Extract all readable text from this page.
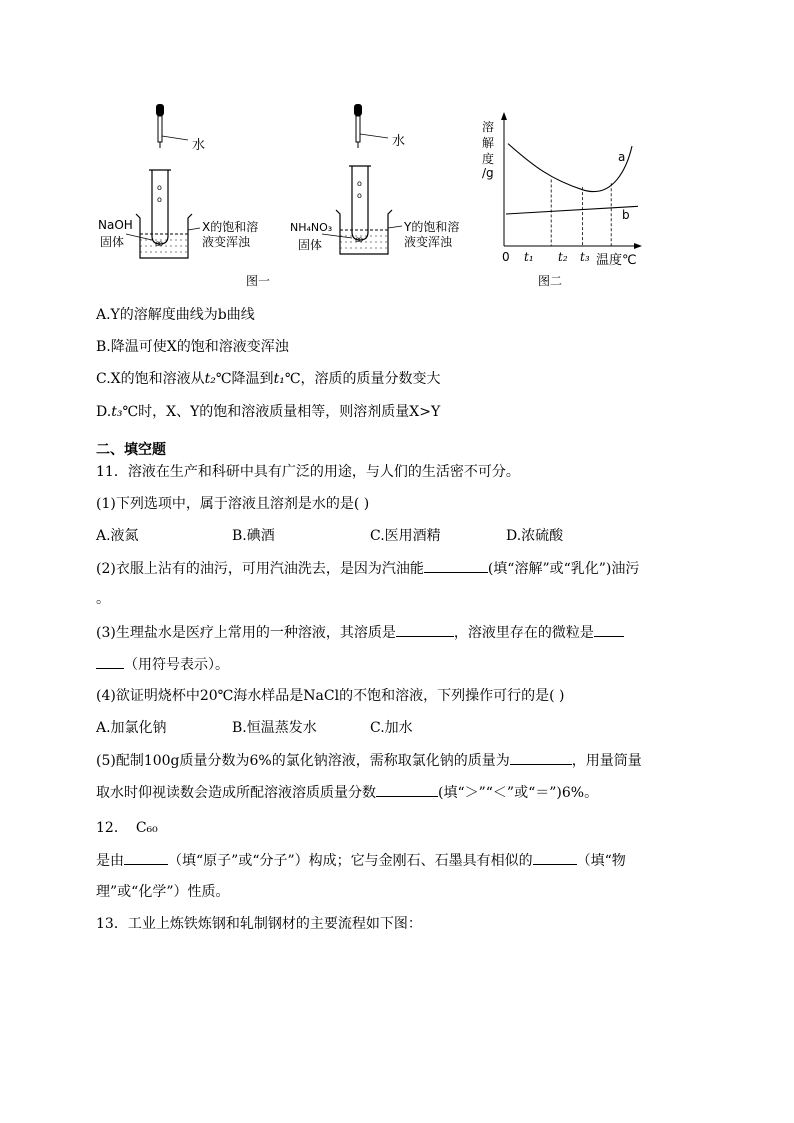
o
o
ꝏ
o
o
ꝏ
水
NaOH
固体
X的饱和溶
液变浑浊
水
NH₄NO₃
固体
Y的饱和溶
液变浑浊
图一
溶
解
度
/g
0 t₁ t₂ t₃ 温度℃
a
b
图二
A.Y的溶解度曲线为b曲线
B.降温可使X的饱和溶液变浑浊
C.X的饱和溶液从t₂℃降温到t₁℃，溶质的质量分数变大
D.t₃℃时，X、Y的饱和溶液质量相等，则溶剂质量X>Y
二、填空题
11．溶液在生产和科研中具有广泛的用途，与人们的生活密不可分。
(1)下列选项中，属于溶液且溶剂是水的是( )
A.液氮	B.碘酒	C.医用酒精	D.浓硫酸
(2)衣服上沾有的油污，可用汽油洗去，是因为汽油能	(填“溶解”或“乳化”)油污
。
(3)生理盐水是医疗上常用的一种溶液，其溶质是	，溶液里存在的微粒是
（用符号表示）。
(4)欲证明烧杯中20℃海水样品是NaCl的不饱和溶液，下列操作可行的是( )
A.加氯化钠	B.恒温蒸发水	C.加水
(5)配制100g质量分数为6%的氯化钠溶液，需称取氯化钠的质量为	，用量筒量
取水时仰视读数会造成所配溶液溶质质量分数	(填“＞”“＜”或“＝”)6%。
12． C₆₀
是由	（填“原子”或“分子”）构成；它与金刚石、石墨具有相似的	（填“物
理”或“化学”）性质。
13．工业上炼铁炼钢和轧制钢材的主要流程如下图：
